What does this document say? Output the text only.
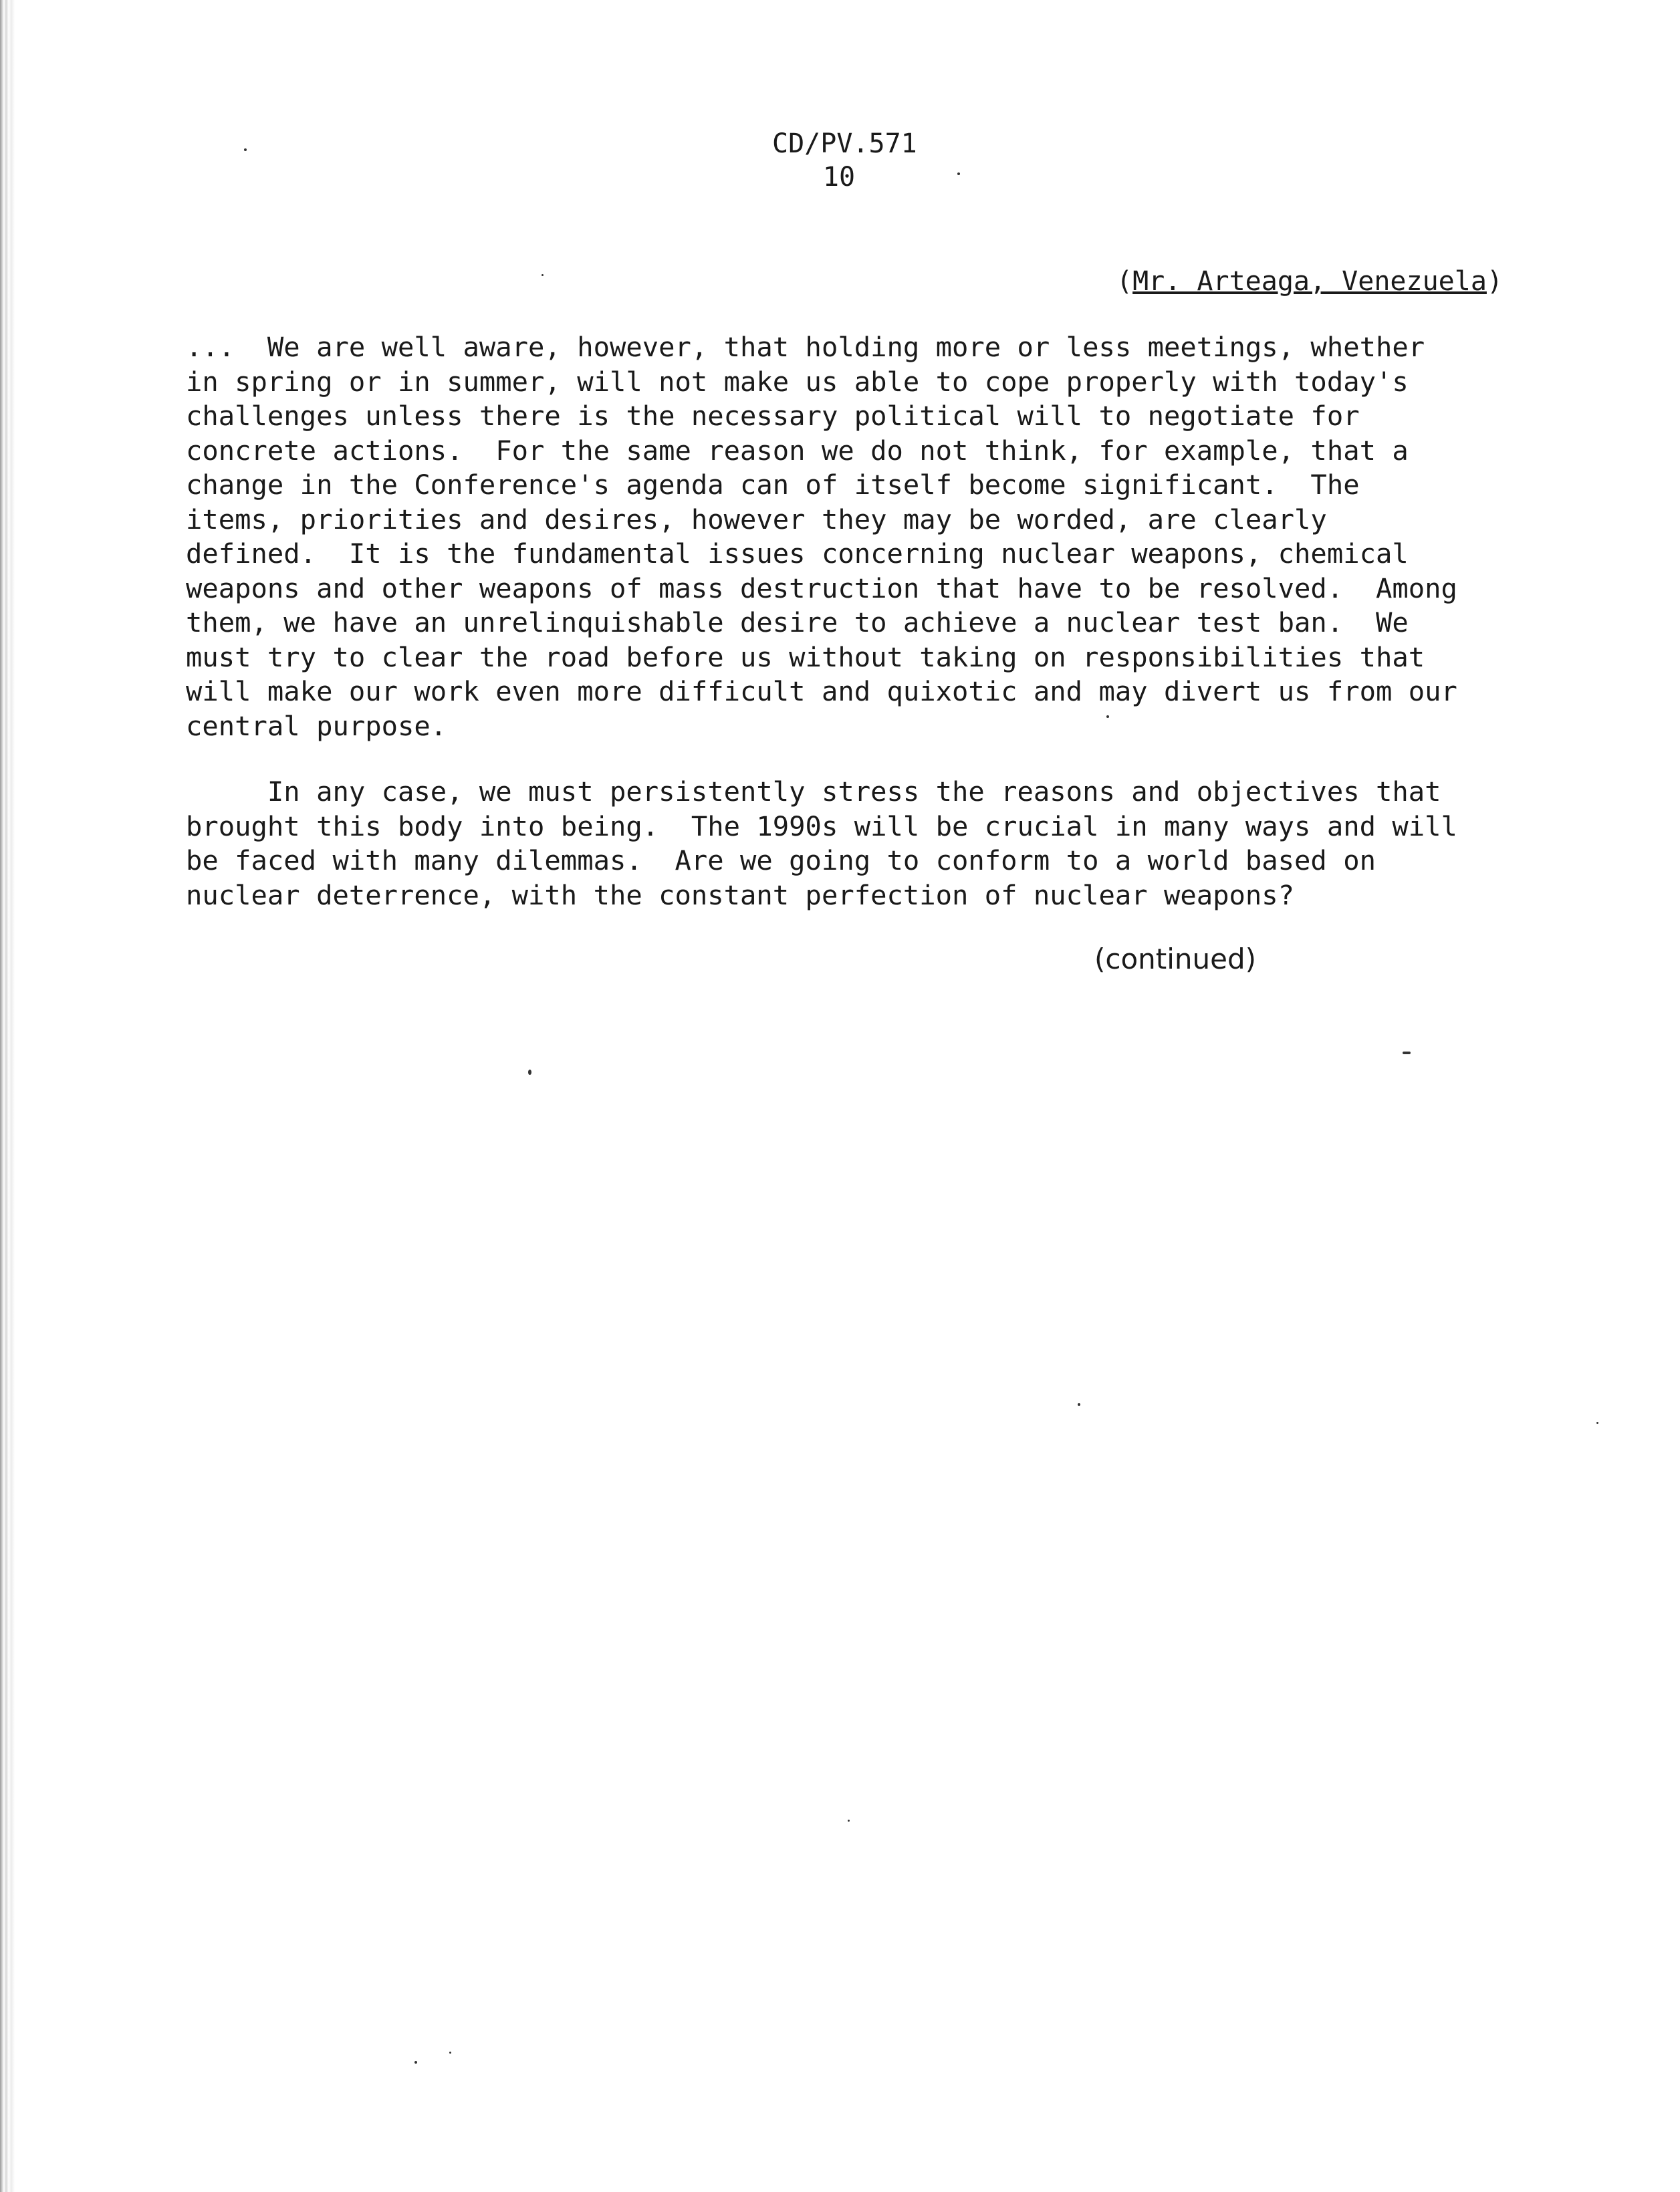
CD/PV.571
10
(Mr. Arteaga, Venezuela)
...  We are well aware, however, that holding more or less meetings, whether
in spring or in summer, will not make us able to cope properly with today's
challenges unless there is the necessary political will to negotiate for
concrete actions.  For the same reason we do not think, for example, that a
change in the Conference's agenda can of itself become significant.  The
items, priorities and desires, however they may be worded, are clearly
defined.  It is the fundamental issues concerning nuclear weapons, chemical
weapons and other weapons of mass destruction that have to be resolved.  Among
them, we have an unrelinquishable desire to achieve a nuclear test ban.  We
must try to clear the road before us without taking on responsibilities that
will make our work even more difficult and quixotic and may divert us from our
central purpose.
In any case, we must persistently stress the reasons and objectives that
brought this body into being.  The 1990s will be crucial in many ways and will
be faced with many dilemmas.  Are we going to conform to a world based on
nuclear deterrence, with the constant perfection of nuclear weapons?
(continued)
